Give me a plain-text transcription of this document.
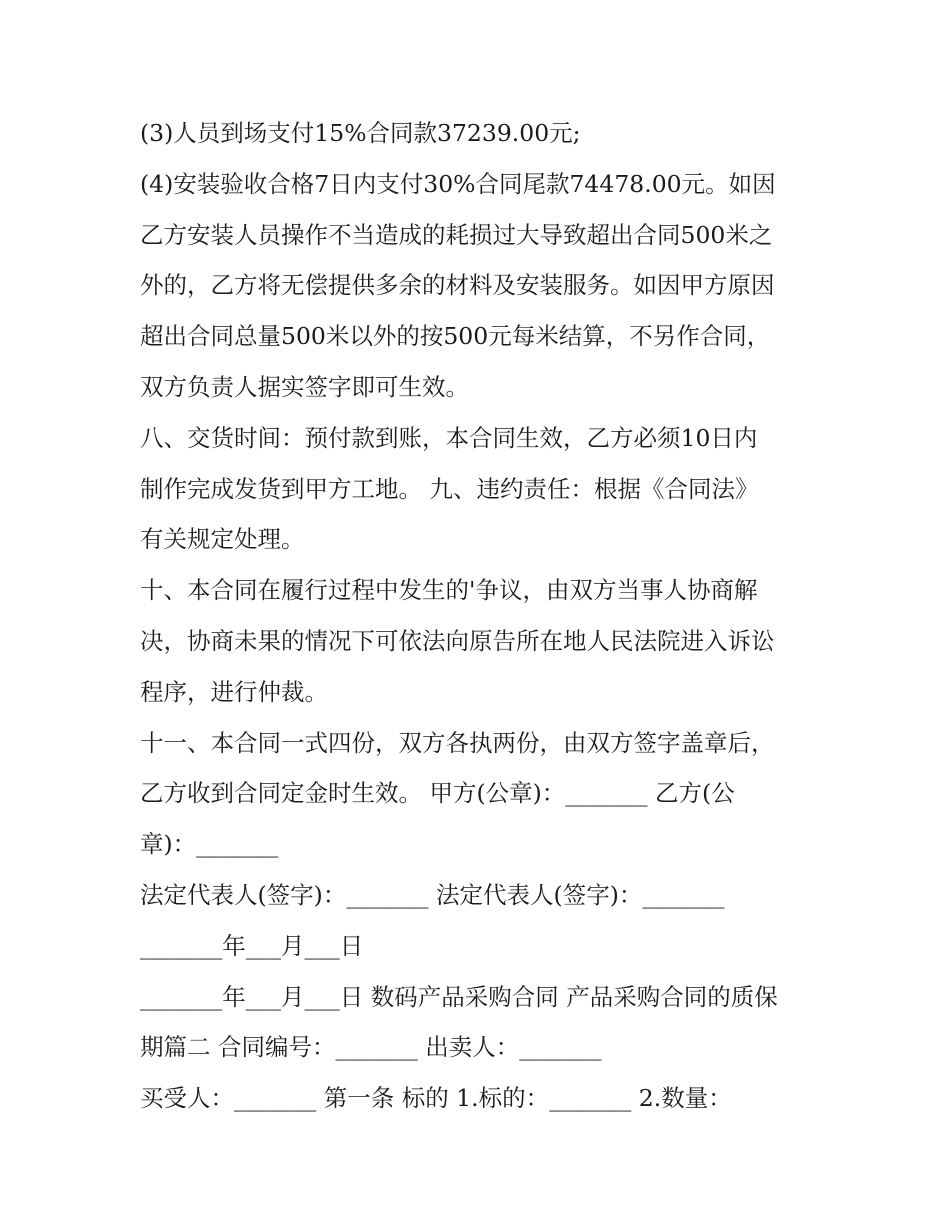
(3)人员到场支付15%合同款37239.00元;
(4)安装验收合格7日内支付30%合同尾款74478.00元。如因
乙方安装人员操作不当造成的耗损过大导致超出合同500米之
外的，乙方将无偿提供多余的材料及安装服务。如因甲方原因
超出合同总量500米以外的按500元每米结算，不另作合同，
双方负责人据实签字即可生效。
八、交货时间：预付款到账，本合同生效，乙方必须10日内
制作完成发货到甲方工地。 九、违约责任：根据《合同法》
有关规定处理。
十、本合同在履行过程中发生的'争议，由双方当事人协商解
决，协商未果的情况下可依法向原告所在地人民法院进入诉讼
程序，进行仲裁。
十一、本合同一式四份，双方各执两份，由双方签字盖章后，
乙方收到合同定金时生效。 甲方(公章)：_______ 乙方(公
章)：_______
法定代表人(签字)：_______ 法定代表人(签字)：_______
_______年___月___日
_______年___月___日 数码产品采购合同 产品采购合同的质保
期篇二 合同编号：_______ 出卖人：_______
买受人：_______ 第一条 标的 1.标的：_______ 2.数量：
